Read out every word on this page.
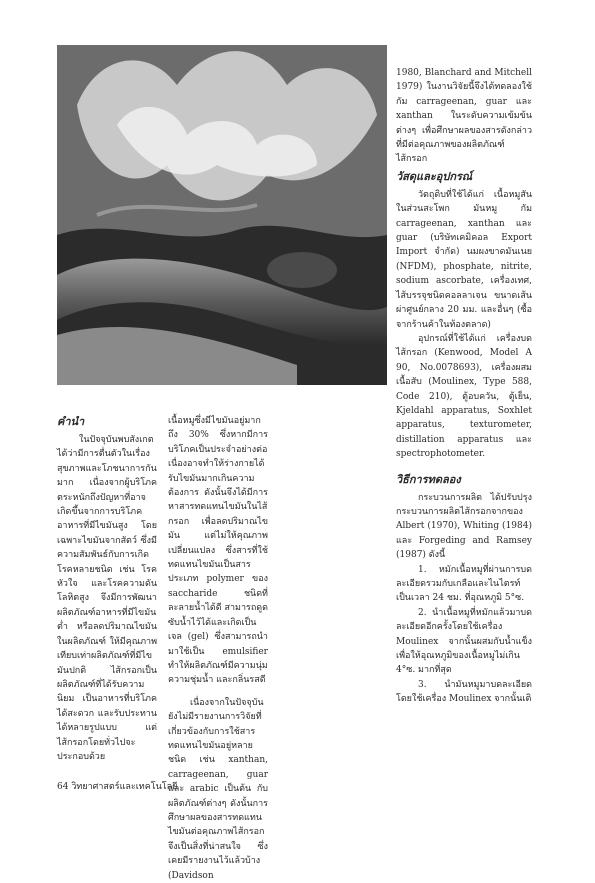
คำนำ

ในปัจจุบันพบสังเกตได้ว่ามีการตื่นตัวในเรื่องสุขภาพและโภชนาการกันมาก เนื่องจากผู้บริโภคตระหนักถึงปัญหาที่อาจเกิดขึ้นจากการบริโภคอาหารที่มีไขมันสูง โดยเฉพาะไขมันจากสัตว์ ซึ่งมีความสัมพันธ์กับการเกิดโรคหลายชนิด เช่น โรคหัวใจ และโรคความดันโลหิตสูง จึงมีการพัฒนาผลิตภัณฑ์อาหารที่มีไขมันต่ำ หรือลดปริมาณไขมันในผลิตภัณฑ์ ให้มีคุณภาพเทียบเท่าผลิตภัณฑ์ที่มีไขมันปกติ ไส้กรอกเป็นผลิตภัณฑ์ที่ได้รับความนิยม เป็นอาหารที่บริโภคได้สะดวก และรับประทานได้หลายรูปแบบ แต่ไส้กรอกโดยทั่วไปจะประกอบด้วย

เนื้อหมูซึ่งมีไขมันอยู่มากถึง 30% ซึ่งหากมีการบริโภคเป็นประจำอย่างต่อเนื่องอาจทำให้ร่างกายได้รับไขมันมากเกินความต้องการ ดังนั้นจึงได้มีการหาสารทดแทนไขมันในไส้กรอก เพื่อลดปริมาณไขมัน แต่ไม่ให้คุณภาพเปลี่ยนแปลง ซึ่งสารที่ใช้ทดแทนไขมันเป็นสารประเภท polymer ของ saccharide ชนิดที่ละลายน้ำได้ดี สามารถดูดซับน้ำไว้ได้และเกิดเป็นเจล (gel) ซึ่งสามารถนำมาใช้เป็น emulsifier ทำให้ผลิตภัณฑ์มีความนุ่มความชุ่มน้ำ และกลิ่นรสดี

เนื่องจากในปัจจุบันยังไม่มีรายงานการวิจัยที่เกี่ยวข้องกับการใช้สารทดแทนไขมันอยู่หลายชนิด เช่น xanthan, carrageenan, guar และ arabic เป็นต้น กับผลิตภัณฑ์ต่างๆ ดังนั้นการศึกษาผลของสารทดแทนไขมันต่อคุณภาพไส้กรอกจึงเป็นสิ่งที่น่าสนใจ ซึ่งเคยมีรายงานไว้แล้วบ้าง (Davidson

1980, Blanchard and Mitchell 1979) ในงานวิจัยนี้จึงได้ทดลองใช้กัม carrageenan, guar และ xanthan ในระดับความเข้มข้นต่างๆ เพื่อศึกษาผลของสารดังกล่าวที่มีต่อคุณภาพของผลิตภัณฑ์ไส้กรอก

วัสดุและอุปกรณ์

วัตถุดิบที่ใช้ได้แก่ เนื้อหมูสันในส่วนสะโพก มันหมู กัม carrageenan, xanthan และ guar (บริษัทเคมิคอล Export Import จำกัด) นมผงขาดมันเนย (NFDM), phosphate, nitrite, sodium ascorbate, เครื่องเทศ, ไส้บรรจุชนิดคอลลาเจน ขนาดเส้นผ่าศูนย์กลาง 20 มม. และอื่นๆ (ซื้อจากร้านค้าในท้องตลาด)

อุปกรณ์ที่ใช้ได้แก่ เครื่องบดไส้กรอก (Kenwood, Model A 90, No.0078693), เครื่องผสมเนื้อสับ (Moulinex, Type 588, Code 210), ตู้อบควัน, ตู้เย็น, Kjeldahl apparatus, Soxhlet apparatus, texturometer, distillation apparatus และ spectrophotometer.

วิธีการทดลอง

กระบวนการผลิต ได้ปรับปรุงกระบวนการผลิตไส้กรอกจากของ Albert (1970), Whiting (1984) และ Forgeding and Ramsey (1987) ดังนี้

1. หมักเนื้อหมูที่ผ่านการบดละเอียดรวมกับเกลือและไนไตรท์ เป็นเวลา 24 ชม. ที่อุณหภูมิ 5°ซ.

2. นำเนื้อหมูที่หมักแล้วมาบดละเอียดอีกครั้งโดยใช้เครื่อง Moulinex จากนั้นผสมกับน้ำแข็งเพื่อให้อุณหภูมิของเนื้อหมูไม่เกิน 4°ซ. มากที่สุด

3. นำมันหมูมาบดละเอียด โดยใช้เครื่อง Moulinex จากนั้นเติ

64 วิทยาศาสตร์และเทคโนโลยี
